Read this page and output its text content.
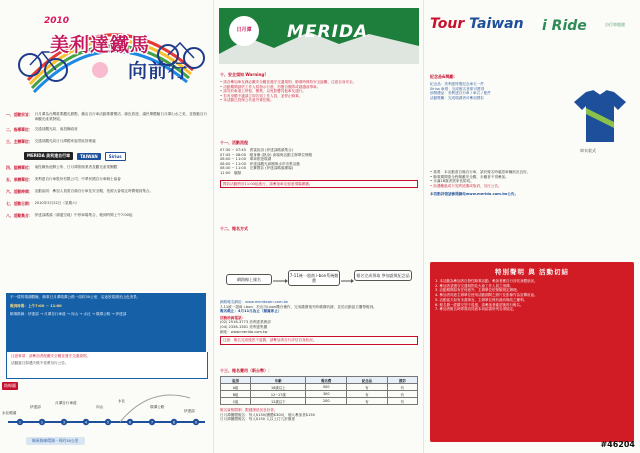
2010
美利達鐵馬
向前行
一、活動宗旨： 日月潭為台灣重要觀光據點，藉由自行車活動推廣樂活、綠色旅遊，讓民眾體驗日月潭山水之美，並推動自行車觀光產業發展。
二、指導單位： 交通部觀光局、南投縣政府
三、主辦單位： 交通部觀光局日月潭國家風景區管理處
MERIDA 美利達自行車	TAIWAN	Sirius
四、協辦單位： 南投縣魚池鄉公所、日月潭旅館業者及觀光產業團體
五、承辦單位： 美利達自行車股份有限公司、中華民國自行車騎士協會
六、活動時間： 活動說明：參加人員需自備自行車及安全帽，依照大會規定時間報到集合。
七、活動日期： 2010年5月22日（星期六）
八、活動集合： 伊達邵碼頭（湖邊空地）中停車場集合，報到時間上午7:00起
不一樣的環湖體驗，騎乘日月潭環潭公路一周約30公里，沿途欣賞湖光山色美景。
報到時間：上午7:00 － 11:00
騎乘路線：伊達邵 → 月潭自行車道 → 向山 → 水社 → 環潭公路 → 伊達邵
注意事項：請參加者配戴安全帽並遵守交通規則。
活動當日如遇天候不佳將另行公告。
路線圖
1	2	3	4	5	6	7	8	9
水社碼頭
伊達邵
月潭自行車道
向山
水社
環潭公路
伊達邵
騎乘路線環湖一周約30公里
日月潭	MERIDA
十、安全須知 Warning!
• 請各參加車友務必戴安全帽並遵守交通規則，騎乘時保持安全距離，注意自身安全。
• 活動期間請依工作人員指示行進，勿擅自脫隊或超越前導車。
• 請勿於車道上停留、聚集，以免影響其他車友通行。
• 若有身體不適請立即告知工作人員，並停止騎乘。
• 本活動已投保公共意外責任險。
十一、活動流程
07:30 ~ 07:45　 貴賓致詞 (伊達邵碼頭集合)
07:45 ~ 08:00　 暖身操 (熱身) 會場與活動主辦單位簡報
08:00 ~ 11:00　 單車旅遊環湖
08:00 ~ 11:00　 伊達邵觀光商圈與水岸市集活動
08:30 ~ 11:00　 完賽摸彩 (伊達邵碼頭廣場)
11:00　 賦歸
摸彩活動將於11:00起進行，請參加車友留意現場廣播。
十二、報名方式
網路線上報名
7-11統一超商 i-bon系統繳費
報名完成領取 參加證與紀念品
網路報名網址：www.meridawin.com.tw
7-11統一超商 i-bon：於店內i-bon機台操作，完成繳費後列印繳費收據，並於活動當日攜帶報到。
報名截止：4月11日為止（額滿即止）
活動洽詢電話：
(02) 2516-3773 美利達業務部
(04) 2358-1581 美利達集團
網址：www.merida.com.tw
注意：報名完成後恕不退費，請參加者自行評估自身狀況。
十三、報名費用（新台幣）：
組別	年齡	報名費	紀念品	摸彩
A組	18歲以上	500	有	有
B組	12~17歲	300	有	有
C組	12歲以下	200	有	有
報名資格限制：限健康狀況良好者。
日月潭團體報名：每人$150(團體$300)，個人參加者$150
日月潭團體報名：每人$150 人以上打九折優惠
Tour Taiwan i Ride	自行車旅遊
紀念品&獎勵：
紀念品：美利達特製紀念車衣一件
Sirius 車燈：完成報名者即可獲得
抽獎禮品：美利達自行車 / 車衣 / 配件
活動獎勵：完成環湖者可參加摸彩
車衣款式
• 重要：本活動需自備自行車，請於報名時確認車輛狀況良好。
• 騎乘期間需全程佩戴安全帽，未戴者不得參加。
• 未滿18歲者需家長陪同。
• 如遇颱風或天災將延期或取消，另行公告。
本活動詳情請參閱網站www.merida.com.tw公告。
特別聲明 與 活動切結
1. 本活動為參加者自發性騎乘活動，參加者應自行評估身體狀況。
2. 參加者須遵守交通規則及大會工作人員之指揮。
3. 活動期間如有任何意外，主辦單位依保險規定辦理。
4. 參加者同意主辦單位使用活動期間之照片及影像作為宣傳用途。
5. 活動當天如有未盡事宜，主辦單位保有最終修改之權利。
6. 報名費一經繳交恕不退還，請參加者確認後再行報名。
7. 參加者報名時即視同同意本切結書所列各項規定。
#46204
